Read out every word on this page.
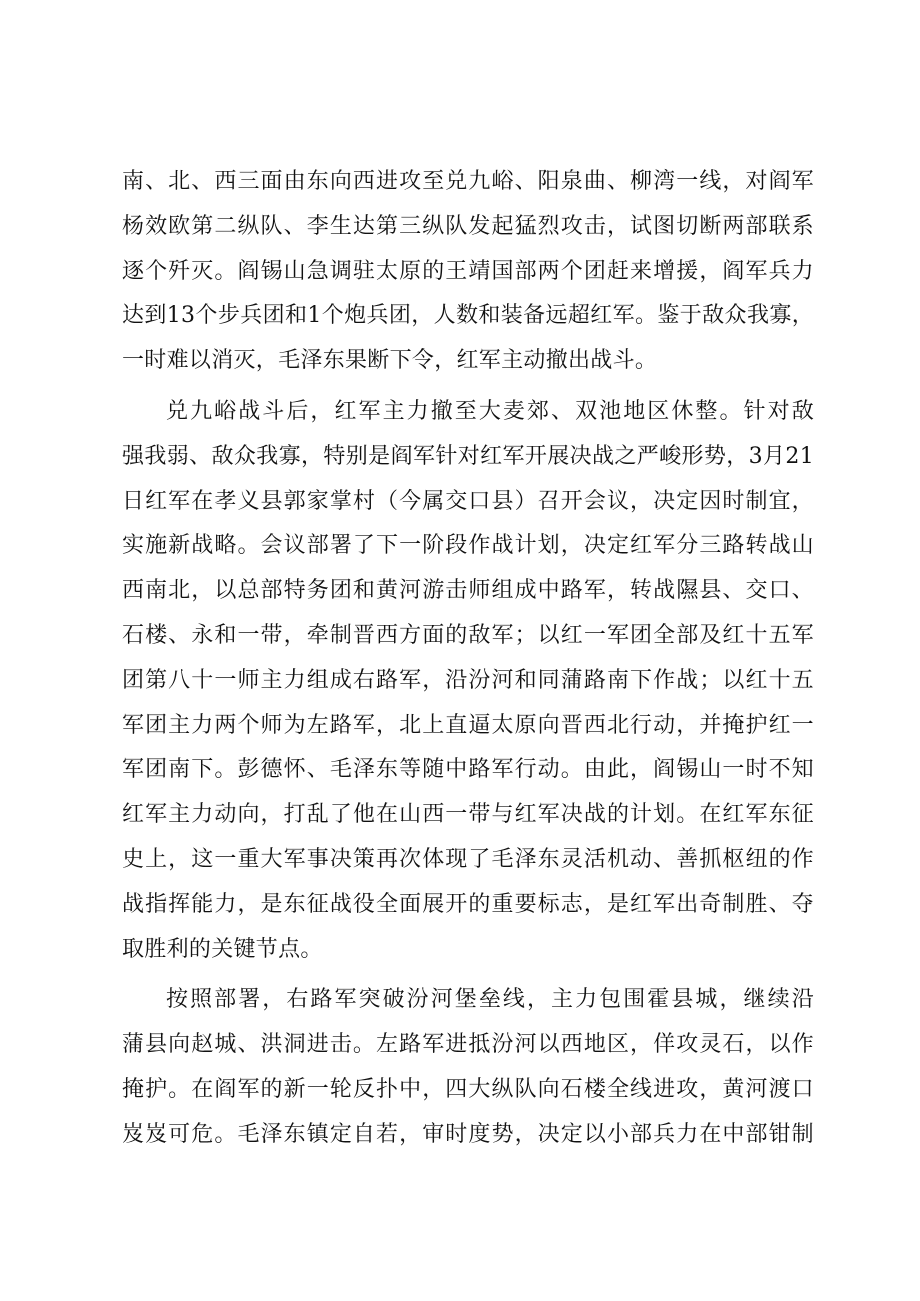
南、北、西三面由东向西进攻至兑九峪、阳泉曲、柳湾一线，对阎军
杨效欧第二纵队、李生达第三纵队发起猛烈攻击，试图切断两部联系
逐个歼灭。阎锡山急调驻太原的王靖国部两个团赶来增援，阎军兵力
达到13个步兵团和1个炮兵团，人数和装备远超红军。鉴于敌众我寡，
一时难以消灭，毛泽东果断下令，红军主动撤出战斗。

兑九峪战斗后，红军主力撤至大麦郊、双池地区休整。针对敌
强我弱、敌众我寡，特别是阎军针对红军开展决战之严峻形势，3月21
日红军在孝义县郭家掌村（今属交口县）召开会议，决定因时制宜，
实施新战略。会议部署了下一阶段作战计划，决定红军分三路转战山
西南北，以总部特务团和黄河游击师组成中路军，转战隰县、交口、
石楼、永和一带，牵制晋西方面的敌军；以红一军团全部及红十五军
团第八十一师主力组成右路军，沿汾河和同蒲路南下作战；以红十五
军团主力两个师为左路军，北上直逼太原向晋西北行动，并掩护红一
军团南下。彭德怀、毛泽东等随中路军行动。由此，阎锡山一时不知
红军主力动向，打乱了他在山西一带与红军决战的计划。在红军东征
史上，这一重大军事决策再次体现了毛泽东灵活机动、善抓枢纽的作
战指挥能力，是东征战役全面展开的重要标志，是红军出奇制胜、夺
取胜利的关键节点。

按照部署，右路军突破汾河堡垒线，主力包围霍县城，继续沿
蒲县向赵城、洪洞进击。左路军进抵汾河以西地区，佯攻灵石，以作
掩护。在阎军的新一轮反扑中，四大纵队向石楼全线进攻，黄河渡口
岌岌可危。毛泽东镇定自若，审时度势，决定以小部兵力在中部钳制
